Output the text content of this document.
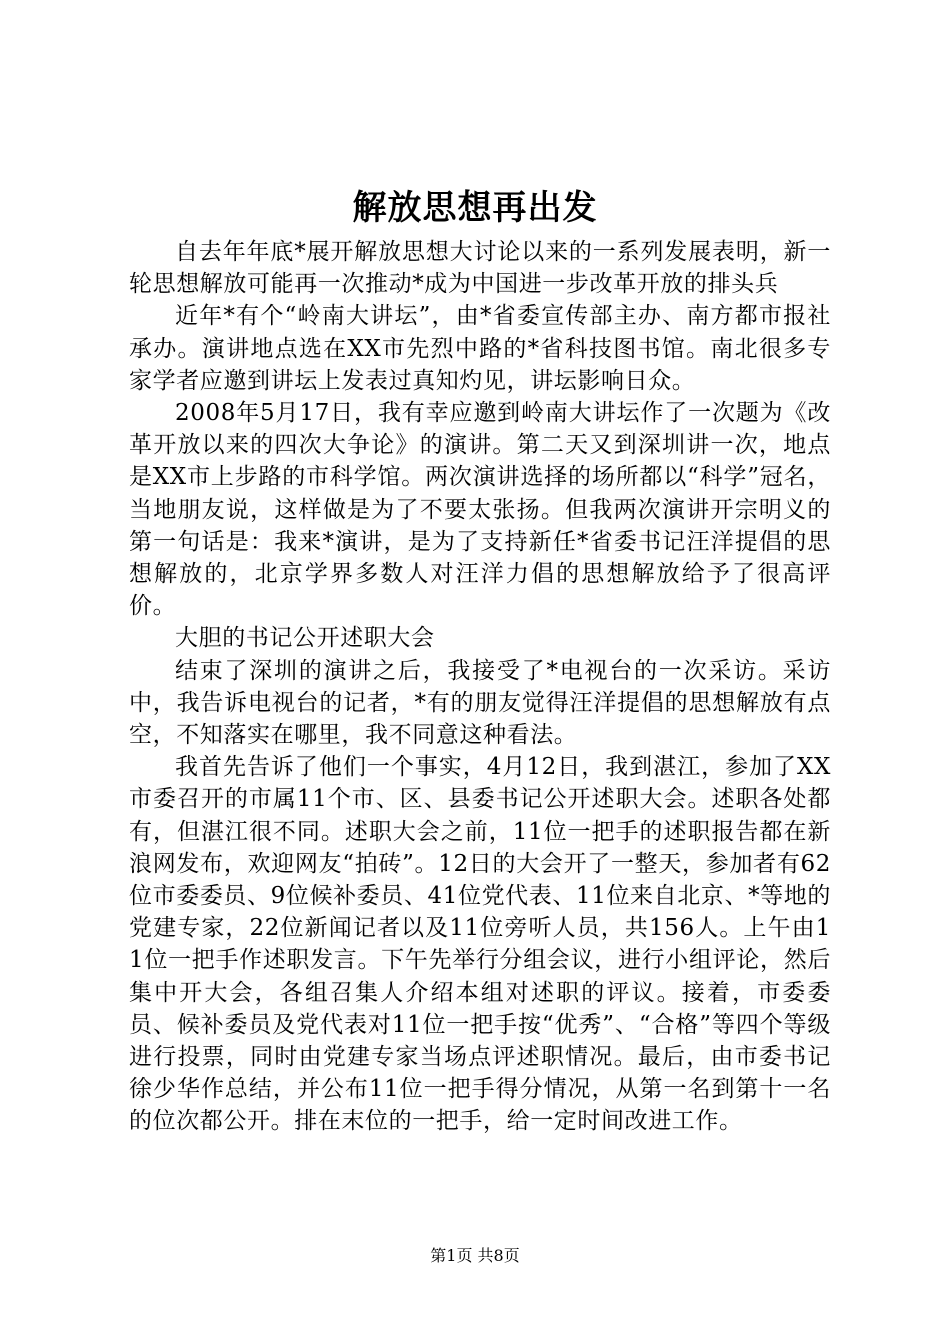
解放思想再出发

自去年年底*展开解放思想大讨论以来的一系列发展表明，新一轮思想解放可能再一次推动*成为中国进一步改革开放的排头兵

近年*有个“岭南大讲坛”，由*省委宣传部主办、南方都市报社承办。演讲地点选在XX市先烈中路的*省科技图书馆。南北很多专家学者应邀到讲坛上发表过真知灼见，讲坛影响日众。

2008年5月17日，我有幸应邀到岭南大讲坛作了一次题为《改革开放以来的四次大争论》的演讲。第二天又到深圳讲一次，地点是XX市上步路的市科学馆。两次演讲选择的场所都以“科学”冠名，当地朋友说，这样做是为了不要太张扬。但我两次演讲开宗明义的第一句话是：我来*演讲，是为了支持新任*省委书记汪洋提倡的思想解放的，北京学界多数人对汪洋力倡的思想解放给予了很高评价。

大胆的书记公开述职大会

结束了深圳的演讲之后，我接受了*电视台的一次采访。采访中，我告诉电视台的记者，*有的朋友觉得汪洋提倡的思想解放有点空，不知落实在哪里，我不同意这种看法。

我首先告诉了他们一个事实，4月12日，我到湛江，参加了XX市委召开的市属11个市、区、县委书记公开述职大会。述职各处都有，但湛江很不同。述职大会之前，11位一把手的述职报告都在新浪网发布，欢迎网友“拍砖”。12日的大会开了一整天，参加者有62位市委委员、9位候补委员、41位党代表、11位来自北京、*等地的党建专家，22位新闻记者以及11位旁听人员，共156人。上午由11位一把手作述职发言。下午先举行分组会议，进行小组评论，然后集中开大会，各组召集人介绍本组对述职的评议。接着，市委委员、候补委员及党代表对11位一把手按“优秀”、“合格”等四个等级进行投票，同时由党建专家当场点评述职情况。最后，由市委书记徐少华作总结，并公布11位一把手得分情况，从第一名到第十一名的位次都公开。排在末位的一把手，给一定时间改进工作。

第1页 共8页
